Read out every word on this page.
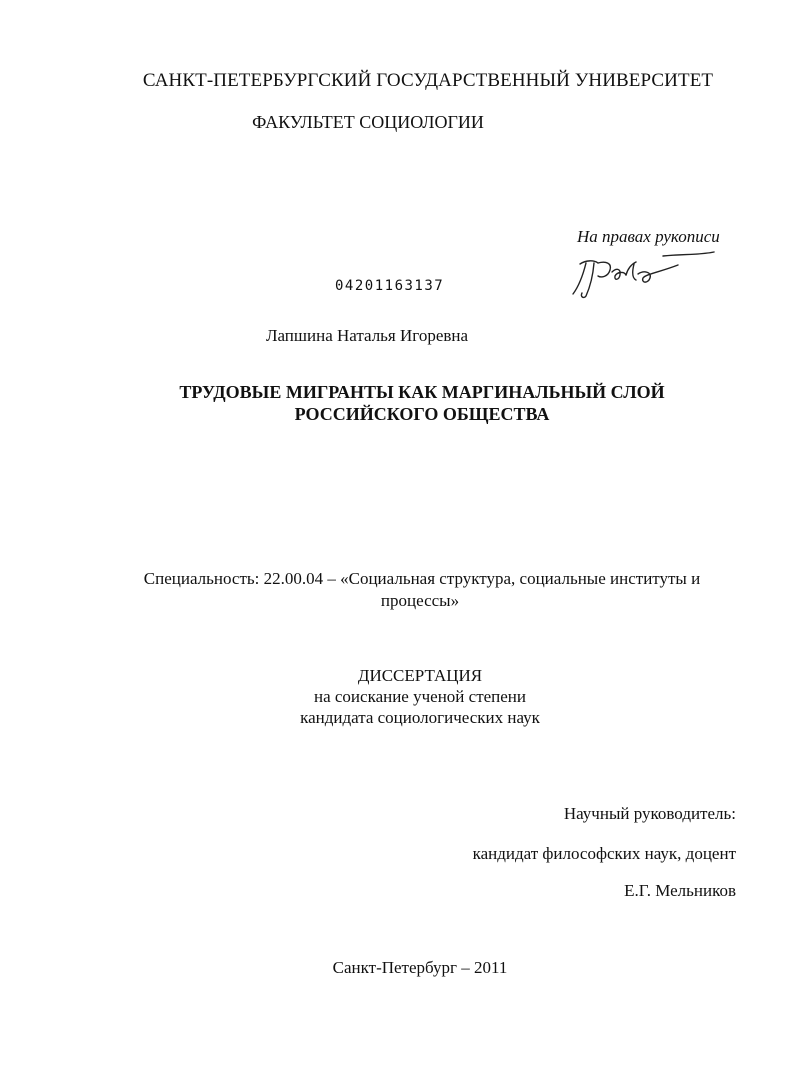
САНКТ-ПЕТЕРБУРГСКИЙ ГОСУДАРСТВЕННЫЙ УНИВЕРСИТЕТ
ФАКУЛЬТЕТ СОЦИОЛОГИИ
На правах рукописи
04201163137
Лапшина Наталья Игоревна
ТРУДОВЫЕ МИГРАНТЫ КАК МАРГИНАЛЬНЫЙ СЛОЙ
РОССИЙСКОГО ОБЩЕСТВА
Специальность: 22.00.04 – «Социальная структура, социальные институты и
процессы»
ДИССЕРТАЦИЯ
на соискание ученой степени
кандидата социологических наук
Научный руководитель:
кандидат философских наук, доцент
Е.Г. Мельников
Санкт-Петербург – 2011
